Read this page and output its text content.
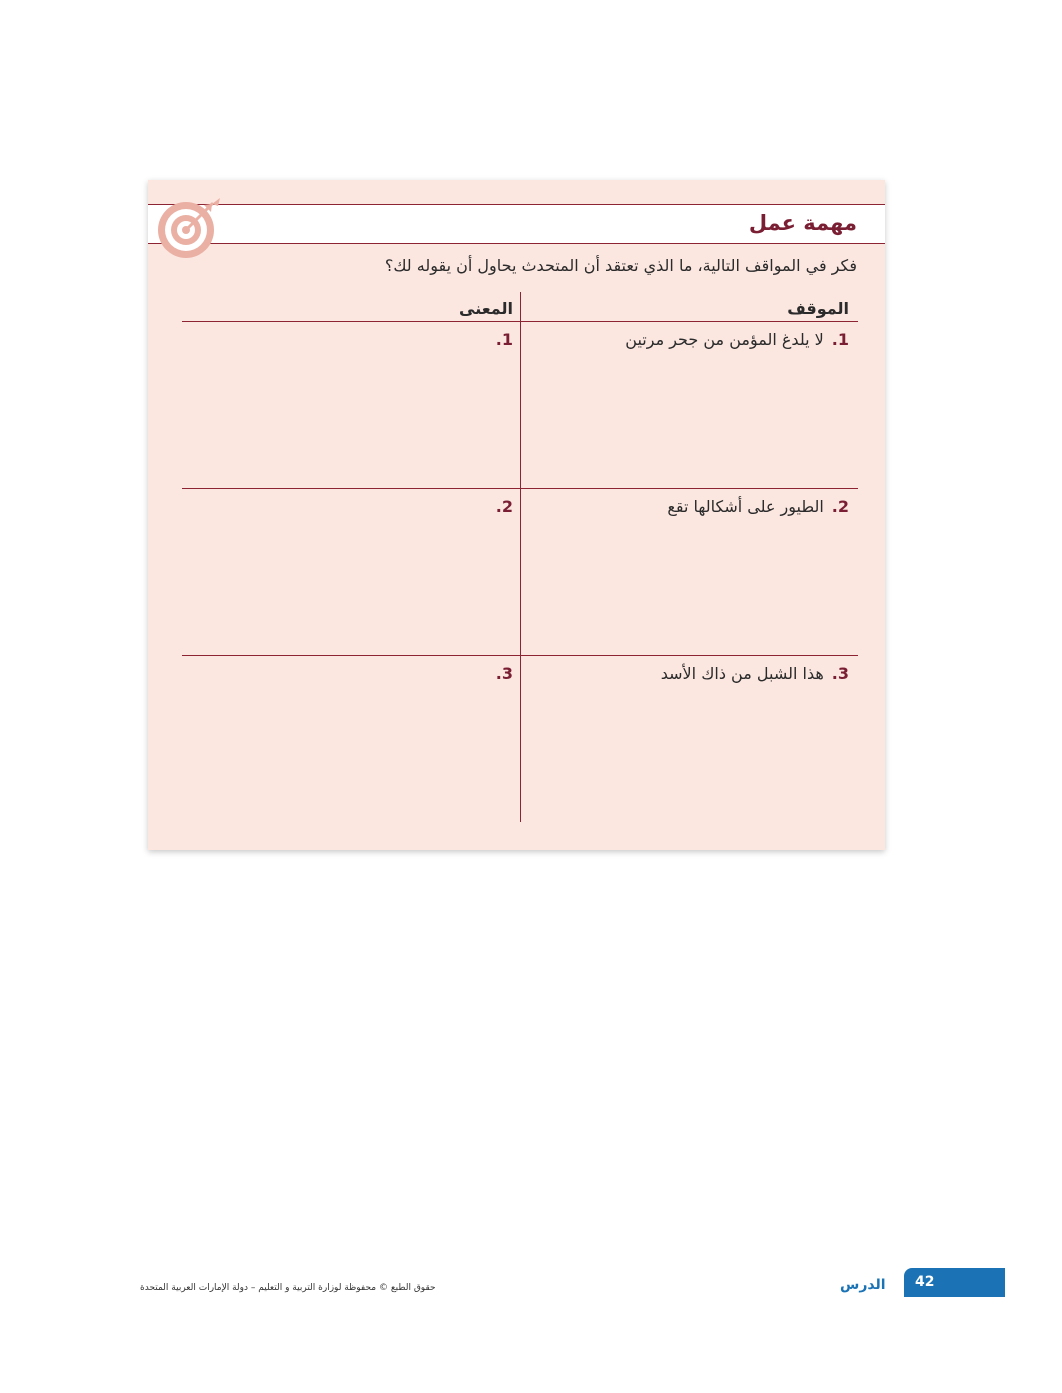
مهمة عمل

فكر في المواقف التالية، ما الذي تعتقد أن المتحدث يحاول أن يقوله لك؟

الموقف
المعنى
1.لا يلدغ المؤمن من جحر مرتين
1.
2.الطيور على أشكالها تقع
2.
3.هذا الشبل من ذاك الأسد
3.
حقوق الطبع © محفوظة لوزارة التربية و التعليم – دولة الإمارات العربية المتحدة	الدرس 42
